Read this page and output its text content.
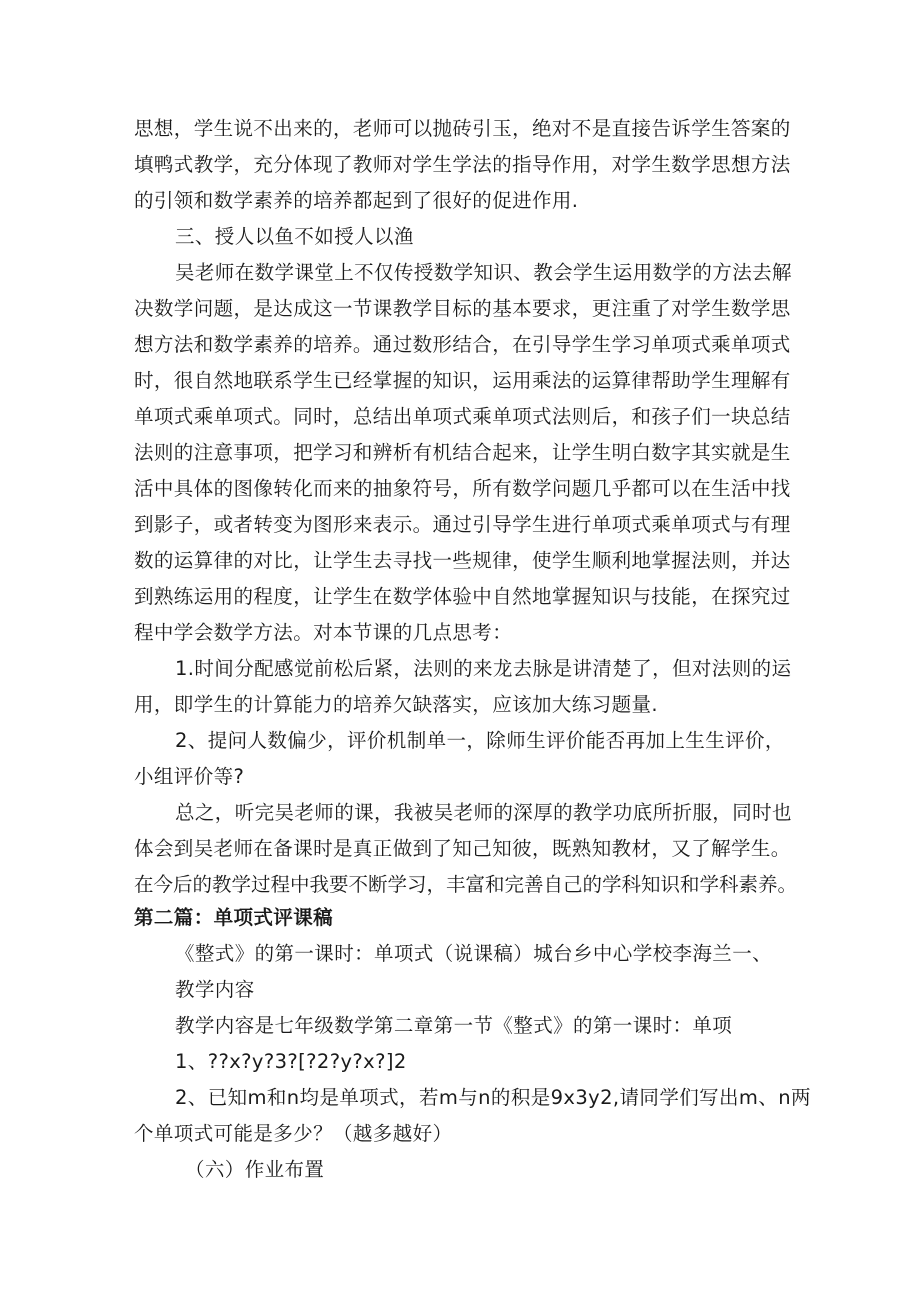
思想，学生说不出来的，老师可以抛砖引玉，绝对不是直接告诉学生答案的
填鸭式教学，充分体现了教师对学生学法的指导作用，对学生数学思想方法
的引领和数学素养的培养都起到了很好的促进作用.
三、授人以鱼不如授人以渔
吴老师在数学课堂上不仅传授数学知识、教会学生运用数学的方法去解
决数学问题，是达成这一节课教学目标的基本要求，更注重了对学生数学思
想方法和数学素养的培养。通过数形结合，在引导学生学习单项式乘单项式
时，很自然地联系学生已经掌握的知识，运用乘法的运算律帮助学生理解有
单项式乘单项式。同时，总结出单项式乘单项式法则后，和孩子们一块总结
法则的注意事项，把学习和辨析有机结合起来，让学生明白数字其实就是生
活中具体的图像转化而来的抽象符号，所有数学问题几乎都可以在生活中找
到影子，或者转变为图形来表示。通过引导学生进行单项式乘单项式与有理
数的运算律的对比，让学生去寻找一些规律，使学生顺利地掌握法则，并达
到熟练运用的程度，让学生在数学体验中自然地掌握知识与技能，在探究过
程中学会数学方法。对本节课的几点思考：
1.时间分配感觉前松后紧，法则的来龙去脉是讲清楚了，但对法则的运
用，即学生的计算能力的培养欠缺落实，应该加大练习题量.
2、提问人数偏少，评价机制单一，除师生评价能否再加上生生评价，
小组评价等?
总之，听完吴老师的课，我被吴老师的深厚的教学功底所折服，同时也
体会到吴老师在备课时是真正做到了知己知彼，既熟知教材，又了解学生。
在今后的教学过程中我要不断学习，丰富和完善自己的学科知识和学科素养。
第二篇：单项式评课稿
《整式》的第一课时：单项式（说课稿）城台乡中心学校李海兰一、
教学内容
教学内容是七年级数学第二章第一节《整式》的第一课时：单项
1、??x?y?3?[?2?y?x?]2
2、已知m和n均是单项式，若m与n的积是9x3y2,请同学们写出m、n两
个单项式可能是多少？（越多越好）
（六）作业布置
